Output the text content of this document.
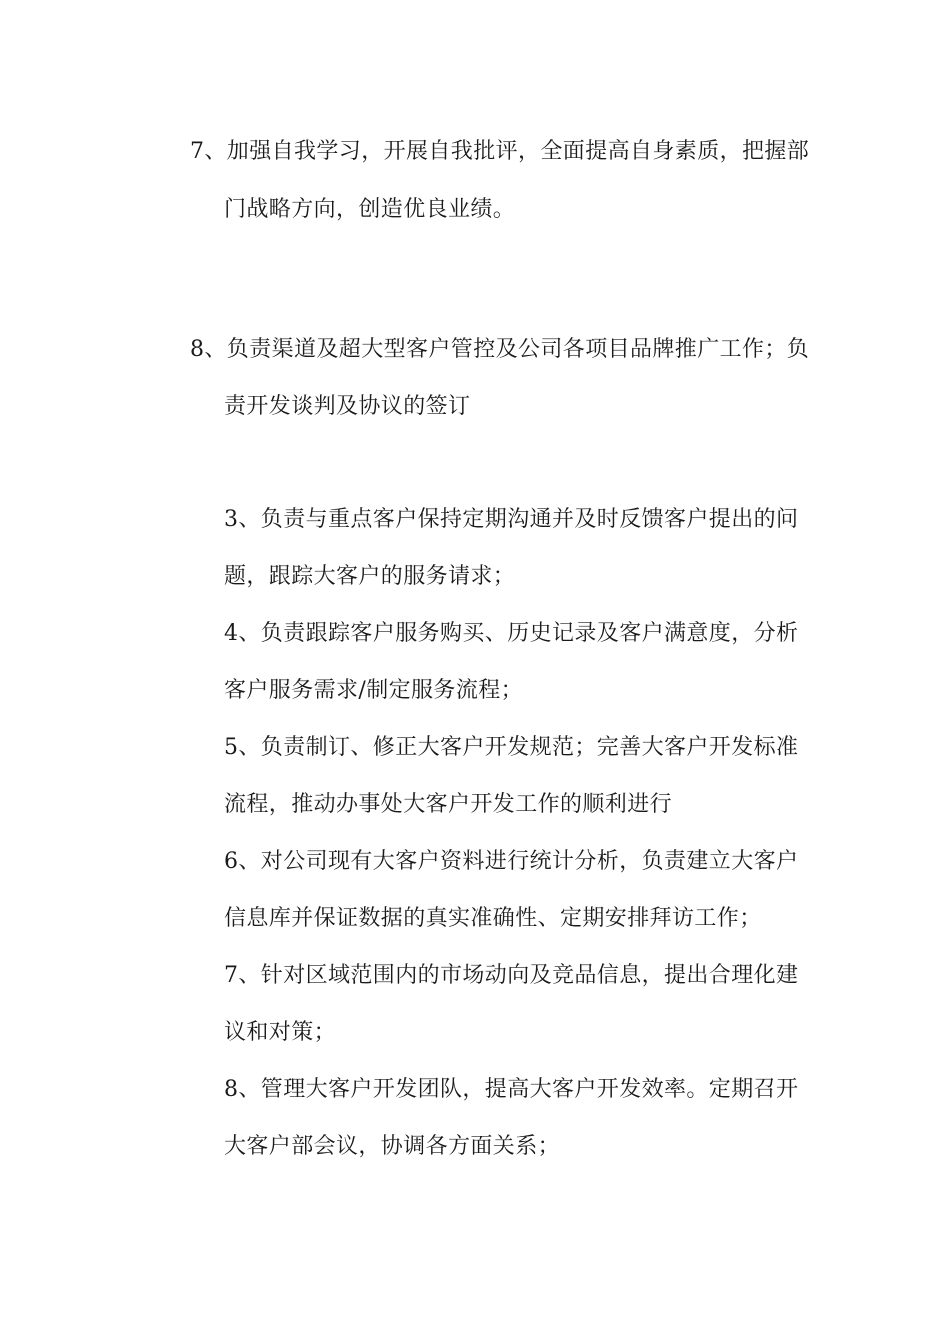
7、加强自我学习，开展自我批评，全面提高自身素质，把握部
门战略方向，创造优良业绩。
8、负责渠道及超大型客户管控及公司各项目品牌推广工作；负
责开发谈判及协议的签订
3、负责与重点客户保持定期沟通并及时反馈客户提出的问
题，跟踪大客户的服务请求；
4、负责跟踪客户服务购买、历史记录及客户满意度，分析
客户服务需求/制定服务流程；
5、负责制订、修正大客户开发规范；完善大客户开发标准
流程，推动办事处大客户开发工作的顺利进行
6、对公司现有大客户资料进行统计分析，负责建立大客户
信息库并保证数据的真实准确性、定期安排拜访工作；
7、针对区域范围内的市场动向及竞品信息，提出合理化建
议和对策；
8、管理大客户开发团队，提高大客户开发效率。定期召开
大客户部会议，协调各方面关系；
